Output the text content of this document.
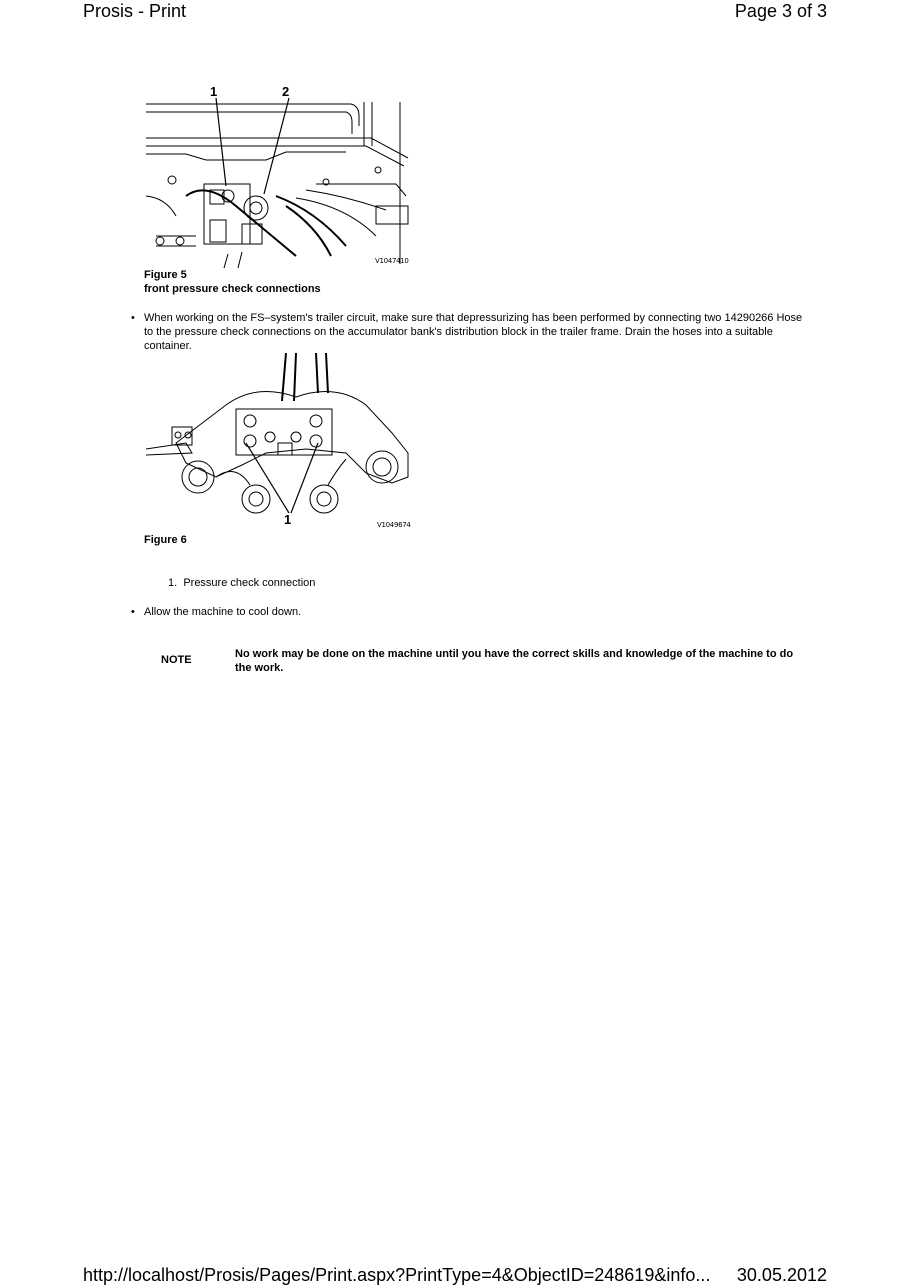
Prosis - Print	Page 3 of 3
1	2
V1047410
Figure 5
front pressure check connections
• When working on the FS–system's trailer circuit, make sure that depressurizing has been performed by connecting two 14290266 Hose to the pressure check connections on the accumulator bank's distribution block in the trailer frame. Drain the hoses into a suitable container.
1	V1049674
Figure 6
1. Pressure check connection
• Allow the machine to cool down.
NOTE	No work may be done on the machine until you have the correct skills and knowledge of the machine to do the work.
http://localhost/Prosis/Pages/Print.aspx?PrintType=4&ObjectID=248619&info... 30.05.2012
